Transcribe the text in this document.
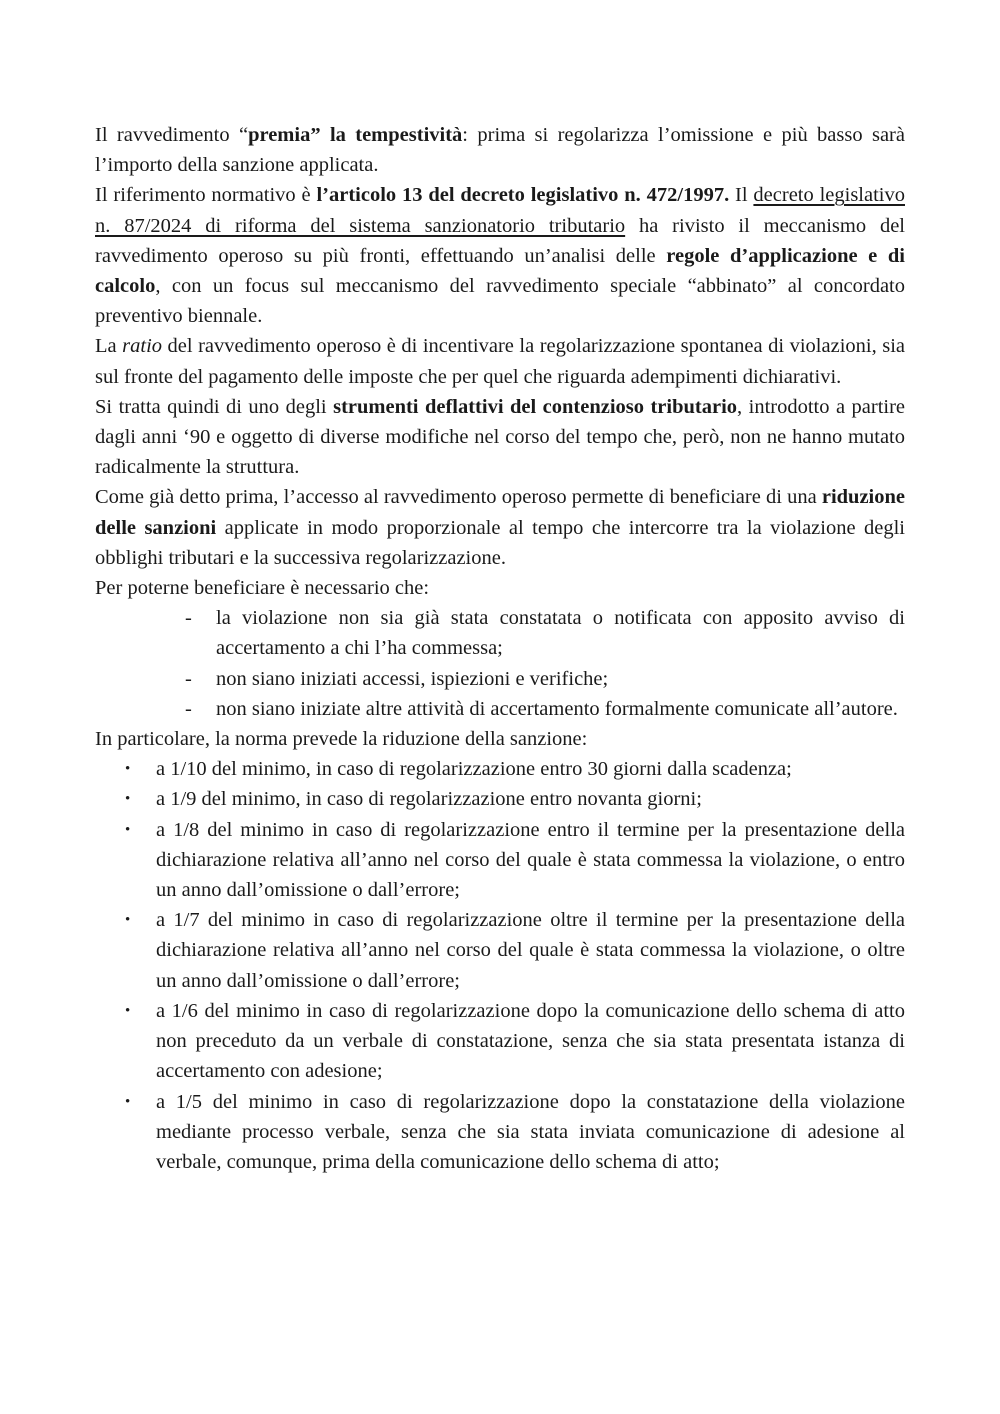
Il ravvedimento “premia” la tempestività: prima si regolarizza l’omissione e più basso sarà l’importo della sanzione applicata.

Il riferimento normativo è l’articolo 13 del decreto legislativo n. 472/1997. Il decreto legislativo n. 87/2024 di riforma del sistema sanzionatorio tributario ha rivisto il meccanismo del ravvedimento operoso su più fronti, effettuando un’analisi delle regole d’applicazione e di calcolo, con un focus sul meccanismo del ravvedimento speciale “abbinato” al concordato preventivo biennale.

La ratio del ravvedimento operoso è di incentivare la regolarizzazione spontanea di violazioni, sia sul fronte del pagamento delle imposte che per quel che riguarda adempimenti dichiarativi.

Si tratta quindi di uno degli strumenti deflattivi del contenzioso tributario, introdotto a partire dagli anni ‘90 e oggetto di diverse modifiche nel corso del tempo che, però, non ne hanno mutato radicalmente la struttura.

Come già detto prima, l’accesso al ravvedimento operoso permette di beneficiare di una riduzione delle sanzioni applicate in modo proporzionale al tempo che intercorre tra la violazione degli obblighi tributari e la successiva regolarizzazione.

Per poterne beneficiare è necessario che:

- la violazione non sia già stata constatata o notificata con apposito avviso di accertamento a chi l’ha commessa;
- non siano iniziati accessi, ispiezioni e verifiche;
- non siano iniziate altre attività di accertamento formalmente comunicate all’autore.

In particolare, la norma prevede la riduzione della sanzione:

• a 1/10 del minimo, in caso di regolarizzazione entro 30 giorni dalla scadenza;
• a 1/9 del minimo, in caso di regolarizzazione entro novanta giorni;
• a 1/8 del minimo in caso di regolarizzazione entro il termine per la presentazione della dichiarazione relativa all’anno nel corso del quale è stata commessa la violazione, o entro un anno dall’omissione o dall’errore;
• a 1/7 del minimo in caso di regolarizzazione oltre il termine per la presentazione della dichiarazione relativa all’anno nel corso del quale è stata commessa la violazione, o oltre un anno dall’omissione o dall’errore;
• a 1/6 del minimo in caso di regolarizzazione dopo la comunicazione dello schema di atto non preceduto da un verbale di constatazione, senza che sia stata presentata istanza di accertamento con adesione;
• a 1/5 del minimo in caso di regolarizzazione dopo la constatazione della violazione mediante processo verbale, senza che sia stata inviata comunicazione di adesione al verbale, comunque, prima della comunicazione dello schema di atto;
